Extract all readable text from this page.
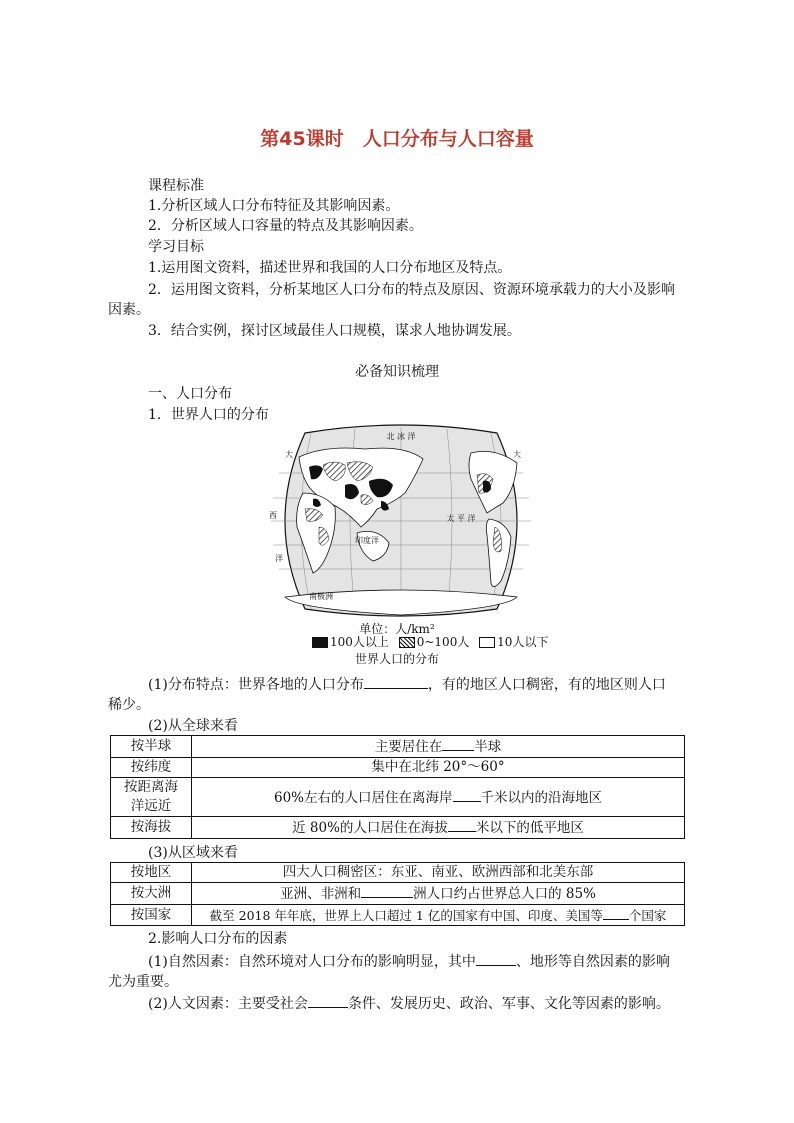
第45课时　人口分布与人口容量
课程标准
1.分析区域人口分布特征及其影响因素。
2．分析区域人口容量的特点及其影响因素。
学习目标
1.运用图文资料，描述世界和我国的人口分布地区及特点。
2．运用图文资料，分析某地区人口分布的特点及原因、资源环境承载力的大小及影响
因素。
3．结合实例，探讨区域最佳人口规模，谋求人地协调发展。
必备知识梳理
一、人口分布
1．世界人口的分布
北 冰 洋
大	大
西	太 平 洋
印度洋
洋
南极洲
单位：人/km²
100人以上 0~100人 10人以下
世界人口的分布
(1)分布特点：世界各地的人口分布	，有的地区人口稠密，有的地区则人口
稀少。
(2)从全球来看
按半球	主要居住在 半球
按纬度	集中在北纬 20°～60°
按距离海
洋远近	60%左右的人口居住在离海岸 千米以内的沿海地区
按海拔	近 80%的人口居住在海拔 米以下的低平地区
(3)从区域来看
按地区	四大人口稠密区：东亚、南亚、欧洲西部和北美东部
按大洲	亚洲、非洲和 洲人口约占世界总人口的 85%
按国家	截至 2018 年年底，世界上人口超过 1 亿的国家有中国、印度、美国等 个国家
2.影响人口分布的因素
(1)自然因素：自然环境对人口分布的影响明显，其中	、地形等自然因素的影响
尤为重要。
(2)人文因素：主要受社会	条件、发展历史、政治、军事、文化等因素的影响。
